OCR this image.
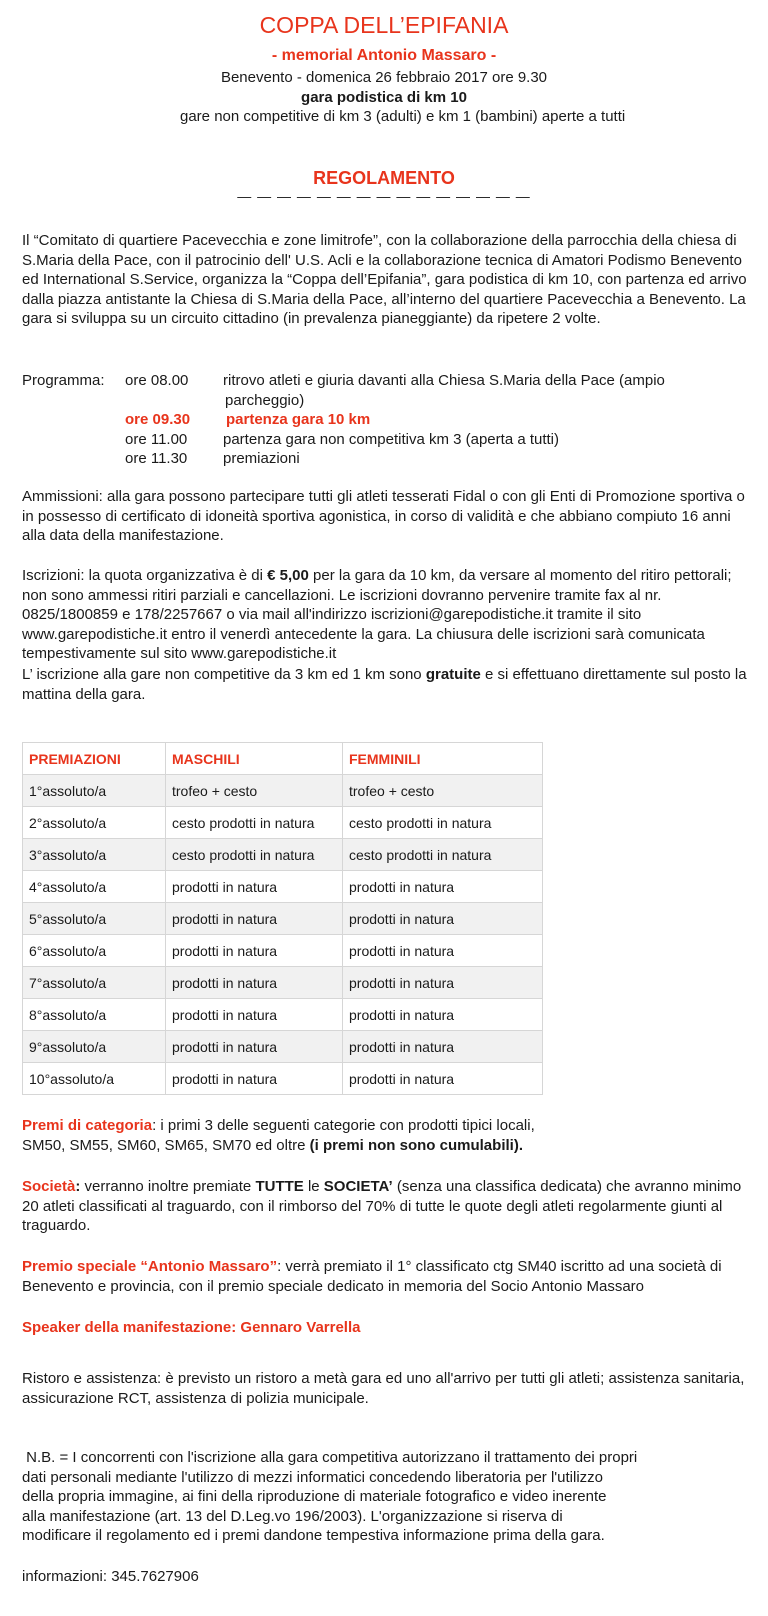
COPPA DELL’EPIFANIA
- memorial Antonio Massaro -
Benevento - domenica 26 febbraio 2017 ore 9.30
gara podistica di km 10
gare non competitive di km 3 (adulti) e km 1 (bambini) aperte a tutti
REGOLAMENTO
— — — — — — — — — — — — — — —
Il “Comitato di quartiere Pacevecchia e zone limitrofe”, con la collaborazione della parrocchia della chiesa di S.Maria della Pace, con il patrocinio dell' U.S. Acli e la collaborazione tecnica di Amatori Podismo Benevento ed International S.Service, organizza la “Coppa dell’Epifania”, gara podistica di km 10, con partenza ed arrivo dalla piazza antistante la Chiesa di S.Maria della Pace, all’interno del quartiere Pacevecchia a Benevento. La gara si sviluppa su un circuito cittadino (in prevalenza pianeggiante) da ripetere 2 volte.
Programma: ore 08.00 ritrovo atleti e giuria davanti alla Chiesa S.Maria della Pace (ampio
parcheggio)
ore 09.30 partenza gara 10 km
ore 11.00 partenza gara non competitiva km 3 (aperta a tutti)
ore 11.30 premiazioni
Ammissioni: alla gara possono partecipare tutti gli atleti tesserati Fidal o con gli Enti di Promozione sportiva o in possesso di certificato di idoneità sportiva agonistica, in corso di validità e che abbiano compiuto 16 anni alla data della manifestazione.
Iscrizioni: la quota organizzativa è di € 5,00 per la gara da 10 km, da versare al momento del ritiro pettorali; non sono ammessi ritiri parziali e cancellazioni. Le iscrizioni dovranno pervenire tramite fax al nr. 0825/1800859 e 178/2257667 o via mail all'indirizzo iscrizioni@garepodistiche.it tramite il sito www.garepodistiche.it entro il venerdì antecedente la gara. La chiusura delle iscrizioni sarà comunicata tempestivamente sul sito www.garepodistiche.it
L’ iscrizione alla gare non competitive da 3 km ed 1 km sono gratuite e si effettuano direttamente sul posto la mattina della gara.
PREMIAZIONI	MASCHILI	FEMMINILI
1°assoluto/a	trofeo + cesto	trofeo + cesto
2°assoluto/a	cesto prodotti in natura	cesto prodotti in natura
3°assoluto/a	cesto prodotti in natura	cesto prodotti in natura
4°assoluto/a	prodotti in natura	prodotti in natura
5°assoluto/a	prodotti in natura	prodotti in natura
6°assoluto/a	prodotti in natura	prodotti in natura
7°assoluto/a	prodotti in natura	prodotti in natura
8°assoluto/a	prodotti in natura	prodotti in natura
9°assoluto/a	prodotti in natura	prodotti in natura
10°assoluto/a	prodotti in natura	prodotti in natura
Premi di categoria: i primi 3 delle seguenti categorie con prodotti tipici locali,
SM50, SM55, SM60, SM65, SM70 ed oltre (i premi non sono cumulabili).
Società: verranno inoltre premiate TUTTE le SOCIETA’ (senza una classifica dedicata) che avranno minimo 20 atleti classificati al traguardo, con il rimborso del 70% di tutte le quote degli atleti regolarmente giunti al traguardo.
Premio speciale “Antonio Massaro”: verrà premiato il 1° classificato ctg SM40 iscritto ad una società di Benevento e provincia, con il premio speciale dedicato in memoria del Socio Antonio Massaro
Speaker della manifestazione: Gennaro Varrella
Ristoro e assistenza: è previsto un ristoro a metà gara ed uno all'arrivo per tutti gli atleti; assistenza sanitaria, assicurazione RCT, assistenza di polizia municipale.
N.B. = I concorrenti con l'iscrizione alla gara competitiva autorizzano il trattamento dei propri
dati personali mediante l'utilizzo di mezzi informatici concedendo liberatoria per l'utilizzo
della propria immagine, ai fini della riproduzione di materiale fotografico e video inerente
alla manifestazione (art. 13 del D.Leg.vo 196/2003). L'organizzazione si riserva di
modificare il regolamento ed i premi dandone tempestiva informazione prima della gara.
informazioni: 345.7627906
